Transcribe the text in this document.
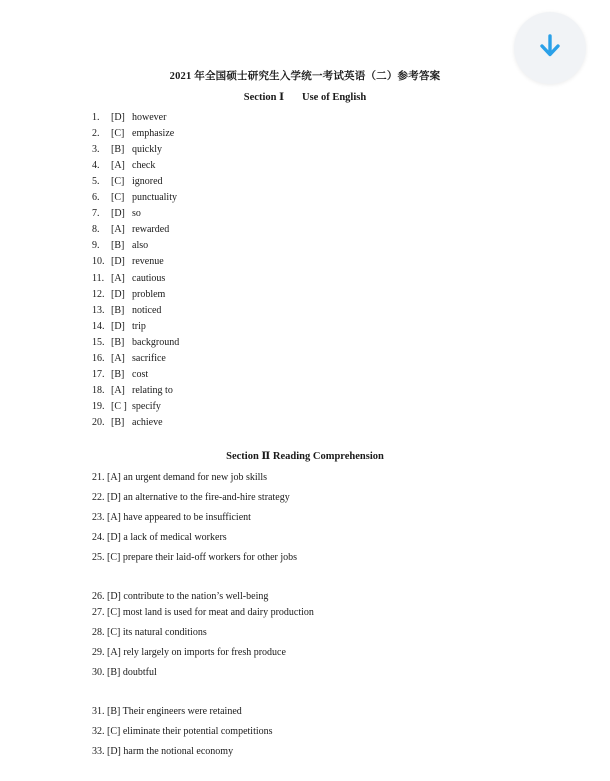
2021 年全国硕士研究生入学统一考试英语（二）参考答案
Section Ⅰ Use of English
1. [D] however
2. [C] emphasize
3. [B] quickly
4. [A] check
5. [C] ignored
6. [C] punctuality
7. [D] so
8. [A] rewarded
9. [B] also
10. [D] revenue
11. [A] cautious
12. [D] problem
13. [B] noticed
14. [D] trip
15. [B] background
16. [A] sacrifice
17. [B] cost
18. [A] relating to
19. [C ] specify
20. [B] achieve
Section Ⅱ Reading Comprehension
21. [A] an urgent demand for new job skills
22. [D] an alternative to the fire-and-hire strategy
23. [A] have appeared to be insufficient
24. [D] a lack of medical workers
25. [C] prepare their laid-off workers for other jobs
26. [D] contribute to the nation’s well-being
27. [C] most land is used for meat and dairy production
28. [C] its natural conditions
29. [A] rely largely on imports for fresh produce
30. [B] doubtful
31. [B] Their engineers were retained
32. [C] eliminate their potential competitions
33. [D] harm the notional economy
